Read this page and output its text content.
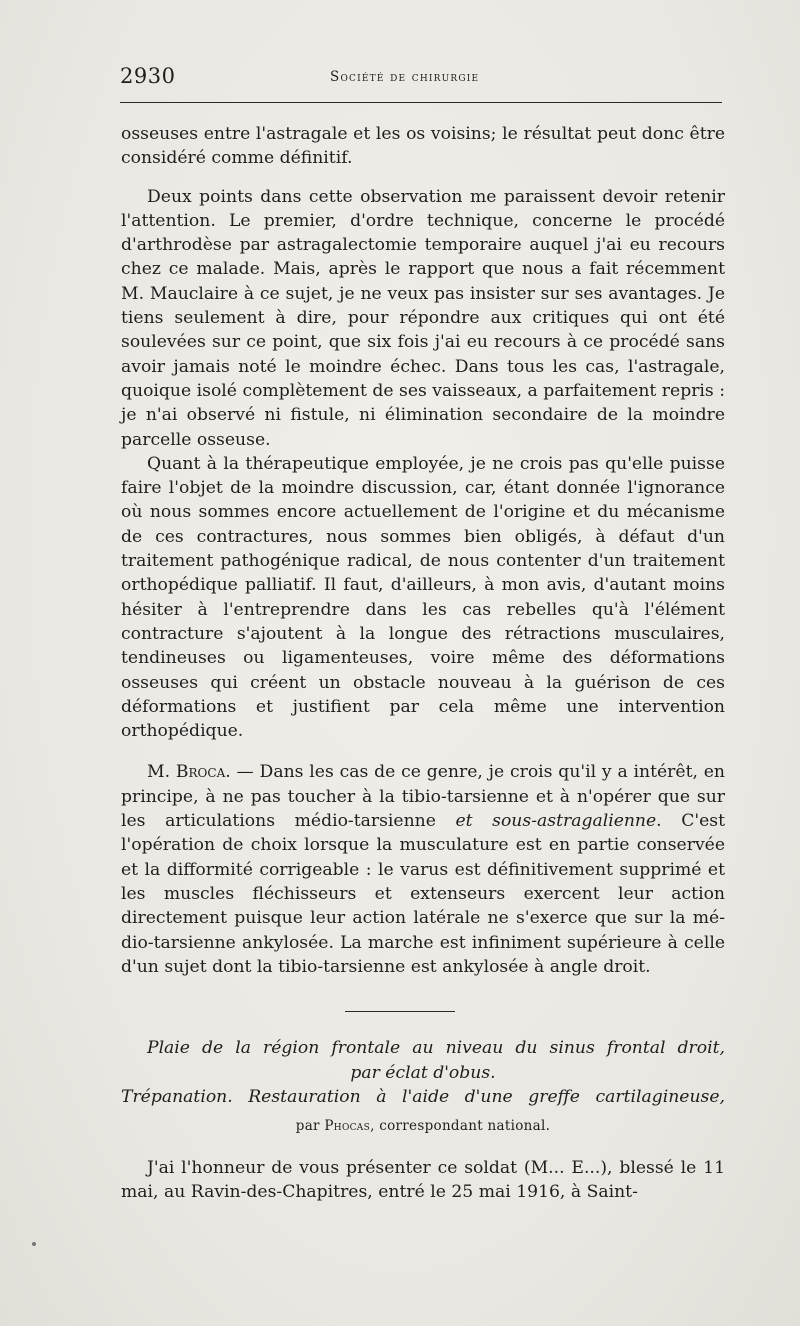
2930	Société de chirurgie

osseuses entre l'astragale et les os voisins; le résultat peut donc être considéré comme définitif.

Deux points dans cette observation me paraissent devoir retenir l'attention. Le premier, d'ordre technique, concerne le procédé d'arthrodèse par astragalectomie temporaire auquel j'ai eu recours chez ce malade. Mais, après le rapport que nous a fait récemment M. Mauclaire à ce sujet, je ne veux pas insister sur ses avantages. Je tiens seulement à dire, pour répondre aux critiques qui ont été soulevées sur ce point, que six fois j'ai eu recours à ce procédé sans avoir jamais noté le moindre échec. Dans tous les cas, l'astragale, quoique isolé complètement de ses vaisseaux, a parfaitement repris : je n'ai observé ni fistule, ni élimination secondaire de la moindre parcelle osseuse.

Quant à la thérapeutique employée, je ne crois pas qu'elle puisse faire l'objet de la moindre discussion, car, étant donnée l'ignorance où nous sommes encore actuellement de l'origine et du mécanisme de ces contractures, nous sommes bien obligés, à défaut d'un traitement pathogénique radical, de nous contenter d'un traitement orthopédique palliatif. Il faut, d'ailleurs, à mon avis, d'autant moins hésiter à l'entreprendre dans les cas rebelles qu'à l'élément contracture s'ajoutent à la longue des rétractions musculaires, tendineuses ou ligamenteuses, voire même des déformations osseuses qui créent un obstacle nouveau à la guérison de ces déformations et justifient par cela même une intervention orthopédique.

M. Broca. — Dans les cas de ce genre, je crois qu'il y a intérêt, en principe, à ne pas toucher à la tibio-tarsienne et à n'opérer que sur les articulations médio-tarsienne et sous-astragalienne. C'est l'opération de choix lorsque la musculature est en partie conservée et la difformité corrigeable : le varus est définitivement supprimé et les muscles fléchisseurs et extenseurs exercent leur action directement puisque leur action latérale ne s'exerce que sur la médio-tarsienne ankylosée. La marche est infiniment supérieure à celle d'un sujet dont la tibio-tarsienne est ankylosée à angle droit.

Plaie de la région frontale au niveau du sinus frontal droit,
par éclat d'obus.
Trépanation. Restauration à l'aide d'une greffe cartilagineuse,
par Phocas, correspondant national.

J'ai l'honneur de vous présenter ce soldat (M... E...), blessé le 11 mai, au Ravin-des-Chapitres, entré le 25 mai 1916, à Saint-
